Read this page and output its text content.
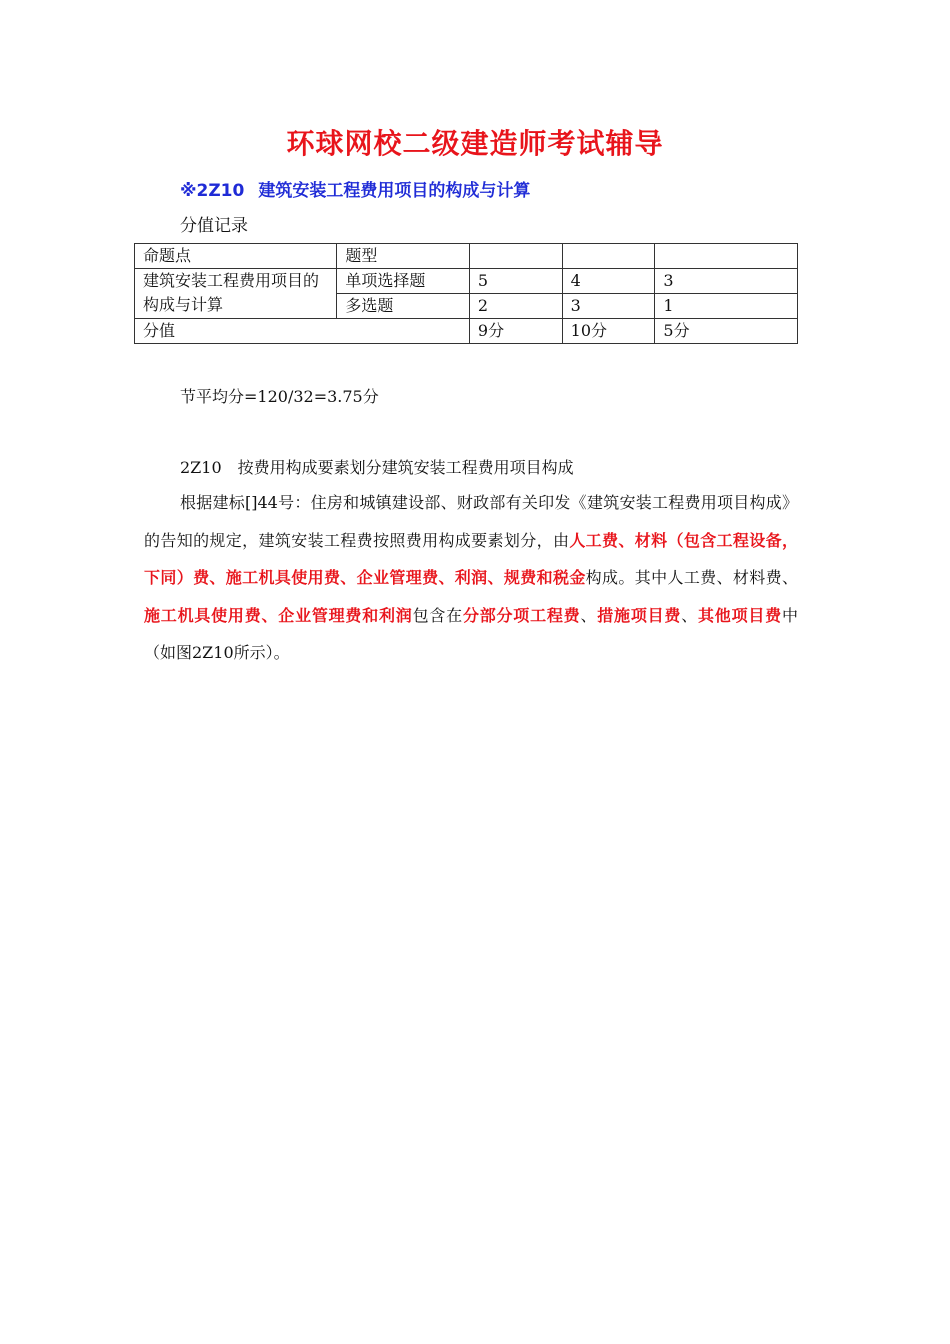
环球网校二级建造师考试辅导
※2Z10 建筑安装工程费用项目的构成与计算
分值记录
命题点	题型			
建筑安装工程费用项目的构成与计算	单项选择题	5	4	3
	多选题	2	3	1
分值		9分	10分	5分
节平均分=120/32=3.75分
2Z10 按费用构成要素划分建筑安装工程费用项目构成
根据建标[]44号：住房和城镇建设部、财政部有关印发《建筑安装工程费用项目构成》的告知的规定，建筑安装工程费按照费用构成要素划分，由人工费、材料（包含工程设备，下同）费、施工机具使用费、企业管理费、利润、规费和税金构成。其中人工费、材料费、施工机具使用费、企业管理费和利润包含在分部分项工程费、措施项目费、其他项目费中（如图2Z10所示）。
